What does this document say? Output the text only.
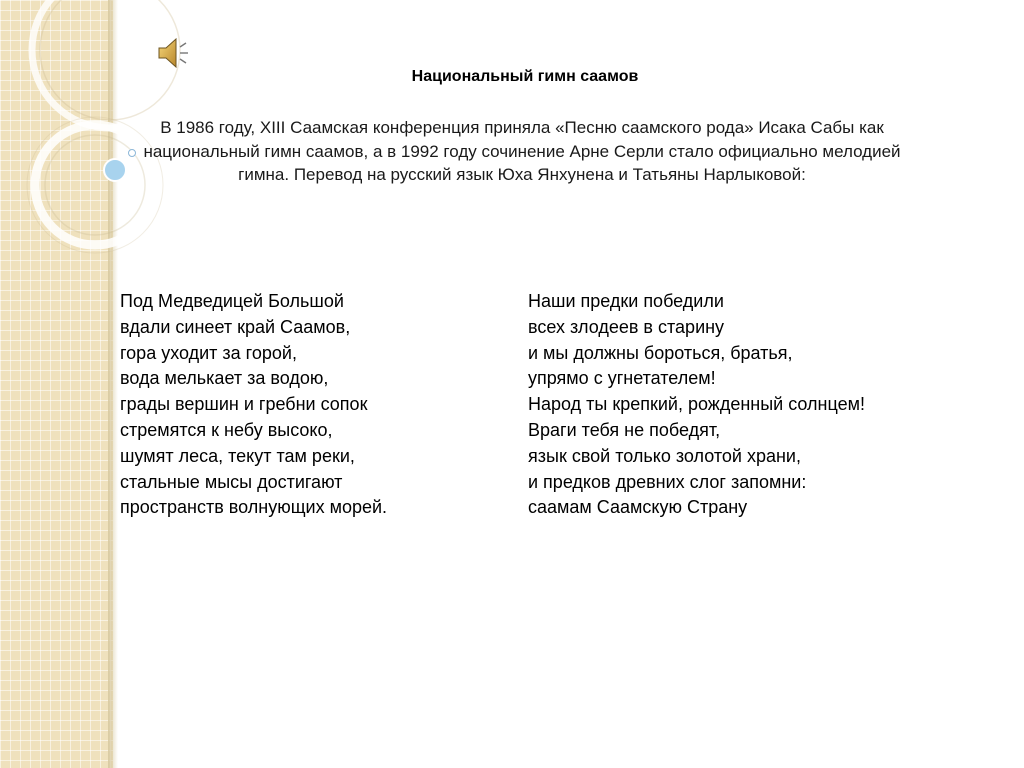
Национальный гимн саамов
В 1986 году, XIII Саамская конференция приняла «Песню саамского рода» Исака Сабы как национальный гимн саамов, а в 1992 году сочинение Арне Серли стало официально мелодией гимна. Перевод на русский язык Юха Янхунена и Татьяны Нарлыковой:
Под Медведицей Большой
вдали синеет край Саамов,
гора уходит за горой,
вода мелькает за водою,
грады вершин и гребни сопок
стремятся к небу высоко,
шумят леса, текут там реки,
стальные мысы достигают
пространств волнующих морей.
Наши предки победили
всех злодеев в старину
и мы должны бороться, братья,
упрямо с угнетателем!
Народ ты крепкий, рожденный солнцем!
Враги тебя не победят,
язык свой только золотой храни,
и предков древних слог запомни:
саамам Саамскую Страну
